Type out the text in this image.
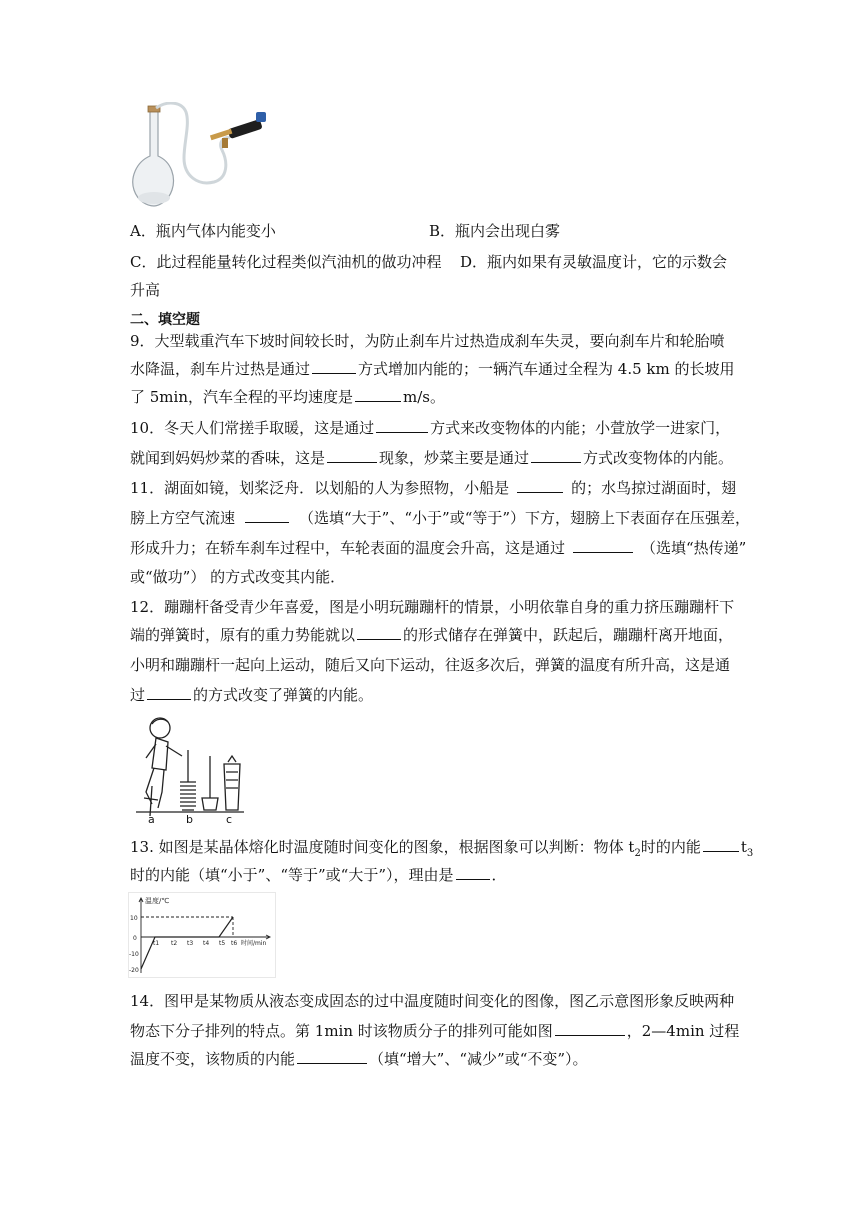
A．瓶内气体内能变小	B．瓶内会出现白雾
C．此过程能量转化过程类似汽油机的做功冲程 D．瓶内如果有灵敏温度计，它的示数会
升高
二、填空题
9．大型载重汽车下坡时间较长时，为防止刹车片过热造成刹车失灵，要向刹车片和轮胎喷
水降温，刹车片过热是通过	方式增加内能的；一辆汽车通过全程为 4.5 km 的长坡用
了 5min，汽车全程的平均速度是	m/s。
10．冬天人们常搓手取暖，这是通过	方式来改变物体的内能；小萱放学一进家门，
就闻到妈妈炒菜的香味，这是	现象，炒菜主要是通过	方式改变物体的内能。
11．湖面如镜，划桨泛舟．以划船的人为参照物，小船是	的；水鸟掠过湖面时，翅
膀上方空气流速	（选填“大于”、“小于”或“等于”）下方，翅膀上下表面存在压强差，
形成升力；在轿车刹车过程中，车轮表面的温度会升高，这是通过	（选填“热传递”
或“做功”） 的方式改变其内能．
12．蹦蹦杆备受青少年喜爱，图是小明玩蹦蹦杆的情景，小明依靠自身的重力挤压蹦蹦杆下
端的弹簧时，原有的重力势能就以	的形式储存在弹簧中，跃起后，蹦蹦杆离开地面，
小明和蹦蹦杆一起向上运动，随后又向下运动，往返多次后，弹簧的温度有所升高，这是通
过	的方式改变了弹簧的内能。
a	b	c
13. 如图是某晶体熔化时温度随时间变化的图象，根据图象可以判断：物体 $t_2$时的内能	$t_3$
时的内能（填“小于”、“等于”或“大于”），理由是	．
温度/℃
10
0
-10
-20
t1 t2 t3 t4 t5 t6 时间/min
14．图甲是某物质从液态变成固态的过中温度随时间变化的图像，图乙示意图形象反映两种
物态下分子排列的特点。第 1min 时该物质分子的排列可能如图	，2—4min 过程
温度不变，该物质的内能	（填“增大”、“减少”或“不变”）。
